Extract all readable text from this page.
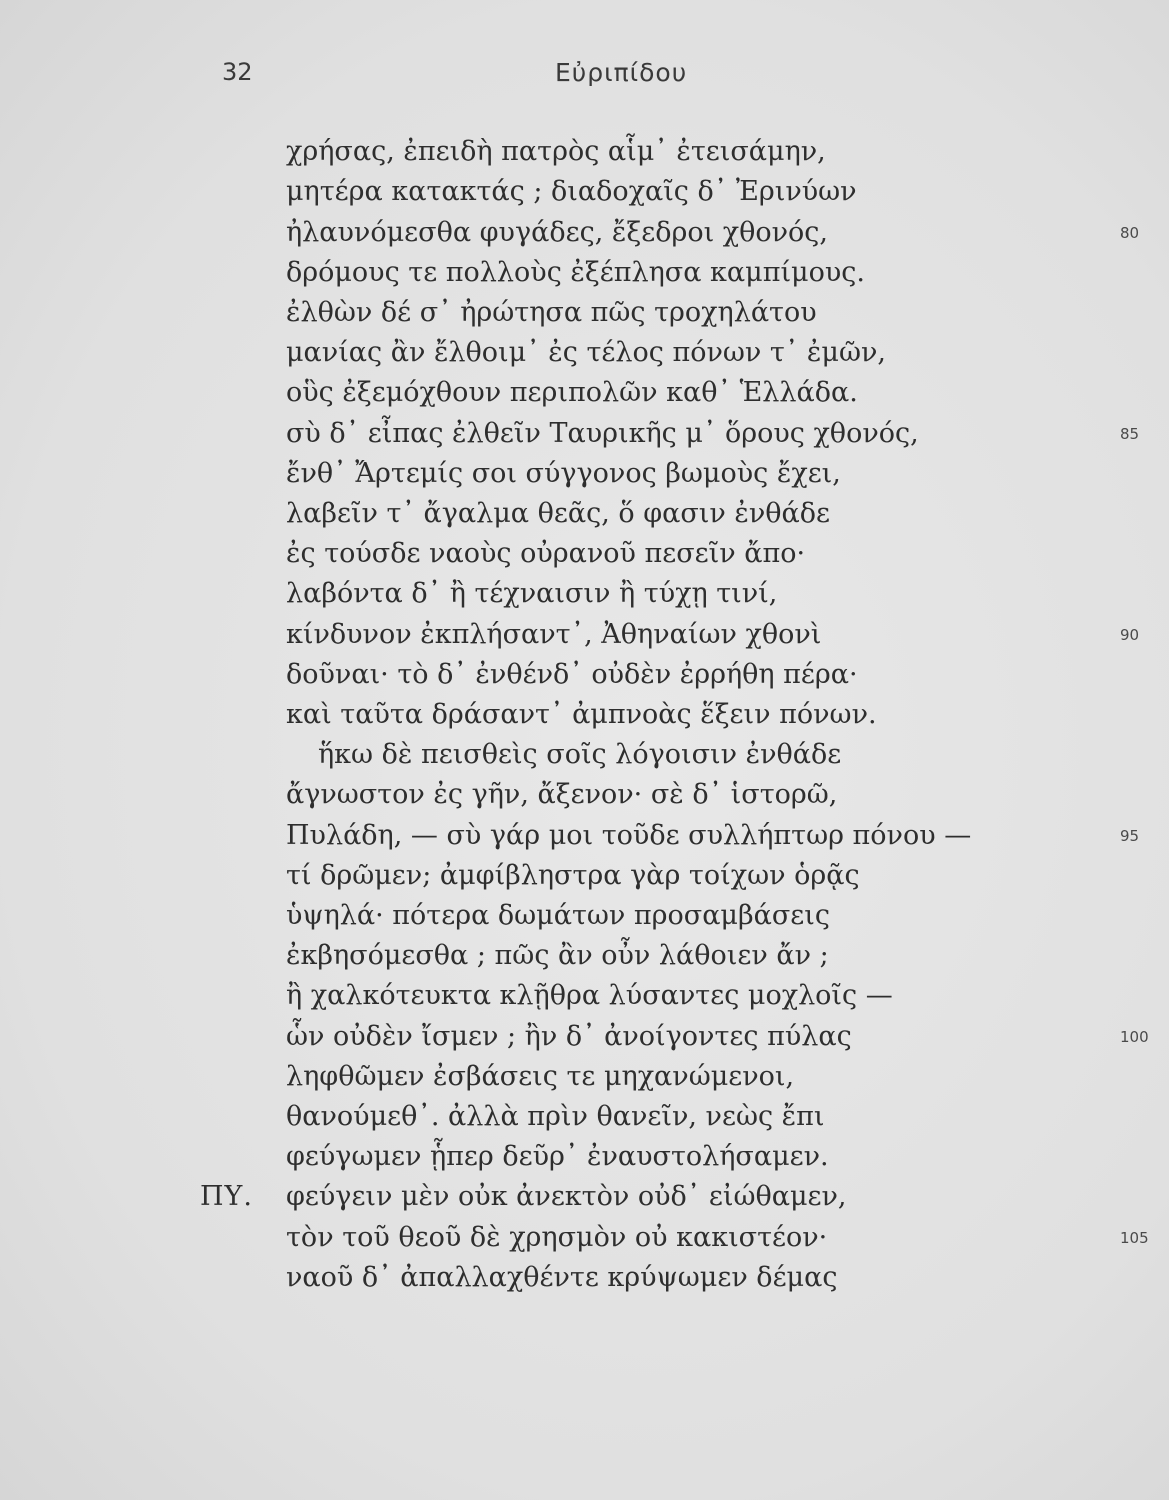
32	Εὐριπίδου
χρήσας, ἐπειδὴ πατρὸς αἷμ᾽ ἐτεισάμην,
μητέρα κατακτάς ; διαδοχαῖς δ᾽ Ἐρινύων
ἠλαυνόμεσθα φυγάδες, ἔξεδροι χθονός,
δρόμους τε πολλοὺς ἐξέπλησα καμπίμους.
ἐλθὼν δέ σ᾽ ἠρώτησα πῶς τροχηλάτου
μανίας ἂν ἔλθοιμ᾽ ἐς τέλος πόνων τ᾽ ἐμῶν,
οὓς ἐξεμόχθουν περιπολῶν καθ᾽ Ἑλλάδα.
σὺ δ᾽ εἶπας ἐλθεῖν Ταυρικῆς μ᾽ ὅρους χθονός,
ἔνθ᾽ Ἄρτεμίς σοι σύγγονος βωμοὺς ἔχει,
λαβεῖν τ᾽ ἄγαλμα θεᾶς, ὅ φασιν ἐνθάδε
ἐς τούσδε ναοὺς οὐρανοῦ πεσεῖν ἄπο·
λαβόντα δ᾽ ἢ τέχναισιν ἢ τύχῃ τινί,
κίνδυνον ἐκπλήσαντ᾽, Ἀθηναίων χθονὶ
δοῦναι· τὸ δ᾽ ἐνθένδ᾽ οὐδὲν ἐρρήθη πέρα·
καὶ ταῦτα δράσαντ᾽ ἀμπνοὰς ἕξειν πόνων.
ἥκω δὲ πεισθεὶς σοῖς λόγοισιν ἐνθάδε
ἄγνωστον ἐς γῆν, ἄξενον· σὲ δ᾽ ἱστορῶ,
Πυλάδη, — σὺ γάρ μοι τοῦδε συλλήπτωρ πόνου —
τί δρῶμεν; ἀμφίβληστρα γὰρ τοίχων ὁρᾷς
ὑψηλά· πότερα δωμάτων προσαμβάσεις
ἐκβησόμεσθα ; πῶς ἂν οὖν λάθοιεν ἄν ;
ἢ χαλκότευκτα κλῇθρα λύσαντες μοχλοῖς —
ὧν οὐδὲν ἴσμεν ; ἢν δ᾽ ἀνοίγοντες πύλας
ληφθῶμεν ἐσβάσεις τε μηχανώμενοι,
θανούμεθ᾽. ἀλλὰ πρὶν θανεῖν, νεὼς ἔπι
φεύγωμεν ᾗπερ δεῦρ᾽ ἐναυστολήσαμεν.
ΠΥ. φεύγειν μὲν οὐκ ἀνεκτὸν οὐδ᾽ εἰώθαμεν,
τὸν τοῦ θεοῦ δὲ χρησμὸν οὐ κακιστέον·
ναοῦ δ᾽ ἀπαλλαχθέντε κρύψωμεν δέμας
80
85
90
95
100
105
